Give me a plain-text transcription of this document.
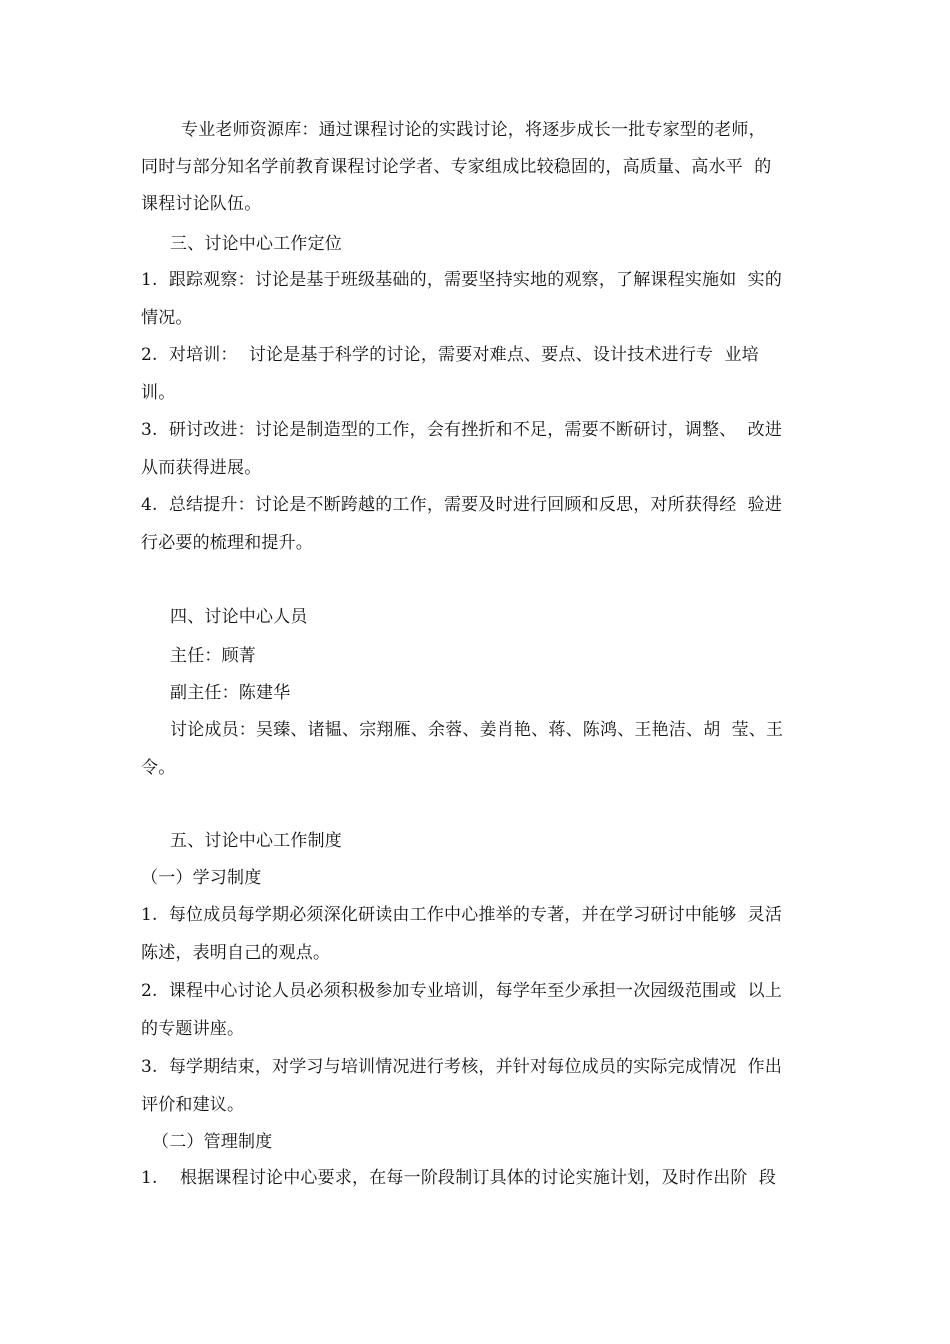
专业老师资源库：通过课程讨论的实践讨论，将逐步成长一批专家型的老师，
同时与部分知名学前教育课程讨论学者、专家组成比较稳固的，高质量、高水平  的
课程讨论队伍。
三、讨论中心工作定位
1.  跟踪观察：讨论是基于班级基础的，需要坚持实地的观察，了解课程实施如  实的
情况。
2.  对培训：  讨论是基于科学的讨论，需要对难点、要点、设计技术进行专  业培
训。
3.  研讨改进：讨论是制造型的工作，会有挫折和不足，需要不断研讨，调整、  改进
从而获得进展。
4.  总结提升：讨论是不断跨越的工作，需要及时进行回顾和反思，对所获得经  验进
行必要的梳理和提升。
四、讨论中心人员
主任：顾菁
副主任：陈建华
讨论成员：吴臻、诸韫、宗翔雁、余蓉、姜肖艳、蒋、陈鸿、王艳洁、胡  莹、王
令。
五、讨论中心工作制度
（一）学习制度
1.  每位成员每学期必须深化研读由工作中心推举的专著，并在学习研讨中能够  灵活
陈述，表明自己的观点。
2.  课程中心讨论人员必须积极参加专业培训，每学年至少承担一次园级范围或  以上
的专题讲座。
3.  每学期结束，对学习与培训情况进行考核，并针对每位成员的实际完成情况  作出
评价和建议。
（二）管理制度
1.    根据课程讨论中心要求，在每一阶段制订具体的讨论实施计划，及时作出阶  段
